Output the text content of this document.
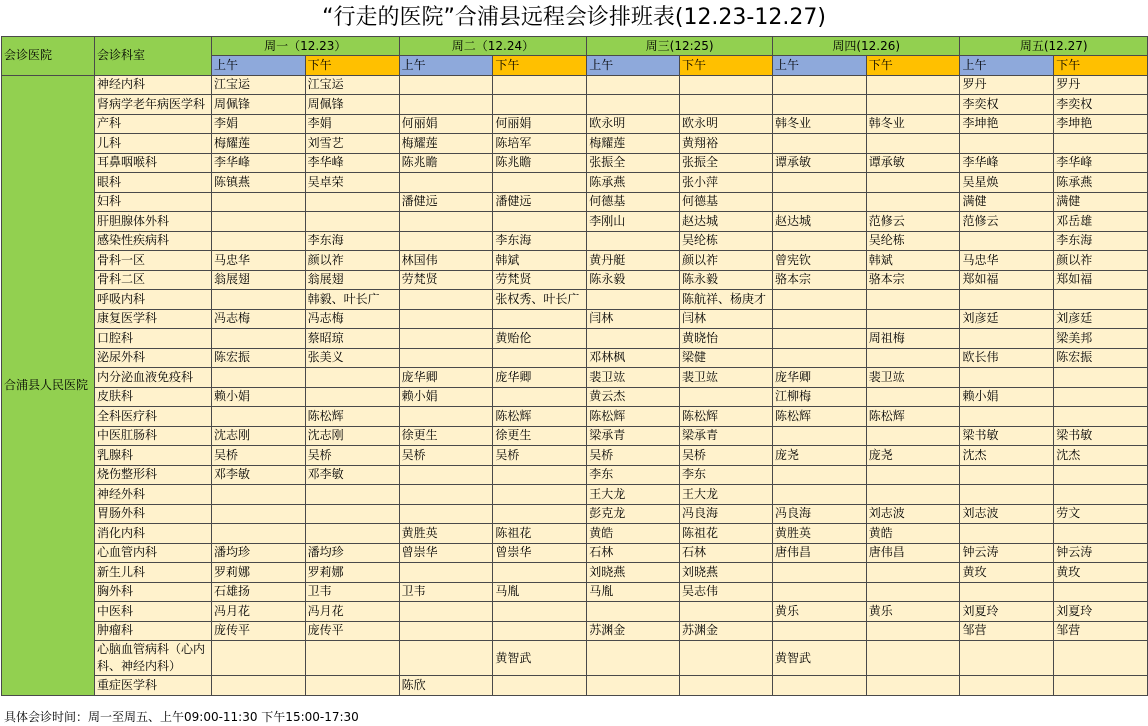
“行走的医院”合浦县远程会诊排班表(12.23-12.27)
会诊医院	会诊科室	周一（12.23）		周二（12.24）		周三(12:25)		周四(12.26)		周五(12.27)	
		上午	下午	上午	下午	上午	下午	上午	下午	上午	下午
合浦县人民医院	神经内科	江宝运	江宝运							罗丹	罗丹
	肾病学老年病医学科	周佩锋	周佩锋							李奕权	李奕权
	产科	李娟	李娟	何丽娟	何丽娟	欧永明	欧永明	韩冬业	韩冬业	李坤艳	李坤艳
	儿科	梅耀莲	刘雪艺	梅耀莲	陈培军	梅耀莲	黄翔裕				
	耳鼻咽喉科	李华峰	李华峰	陈兆瞻	陈兆瞻	张振全	张振全	谭承敏	谭承敏	李华峰	李华峰
	眼科	陈镇燕	吴卓荣			陈承燕	张小萍			吴星焕	陈承燕
	妇科			潘健远	潘健远	何德基	何德基			满健	满健
	肝胆腺体外科					李刚山	赵达城	赵达城	范修云	范修云	邓岳雄
	感染性疾病科		李东海		李东海		吴纶栋		吴纶栋		李东海
	骨科一区	马忠华	颜以祚	林国伟	韩斌	黄丹艇	颜以祚	曾宪钦	韩斌	马忠华	颜以祚
	骨科二区	翁展翅	翁展翅	劳梵贤	劳梵贤	陈永毅	陈永毅	骆本宗	骆本宗	郑如福	郑如福
	呼吸内科		韩毅、叶长广		张权秀、叶长广		陈航祥、杨庚才				
	康复医学科	冯志梅	冯志梅			闫林	闫林			刘彦廷	刘彦廷
	口腔科		蔡昭琼		黄贻伦		黄晓怡		周祖梅		梁美邦
	泌尿外科	陈宏振	张美义			邓林枫	梁健			欧长伟	陈宏振
	内分泌血液免疫科			庞华卿	庞华卿	裴卫竑	裴卫竑	庞华卿	裴卫竑		
	皮肤科	赖小娟		赖小娟		黄云杰		江柳梅		赖小娟	
	全科医疗科		陈松辉		陈松辉	陈松辉	陈松辉	陈松辉	陈松辉		
	中医肛肠科	沈志刚	沈志刚	徐更生	徐更生	梁承青	梁承青			梁书敏	梁书敏
	乳腺科	吴桥	吴桥	吴桥	吴桥	吴桥	吴桥	庞尧	庞尧	沈杰	沈杰
	烧伤整形科	邓李敏	邓李敏			李东	李东				
	神经外科					王大龙	王大龙				
	胃肠外科					彭克龙	冯良海	冯良海	刘志波	刘志波	劳文
	消化内科			黄胜英	陈祖花	黄皓	陈祖花	黄胜英	黄皓		
	心血管内科	潘均珍	潘均珍	曾崇华	曾崇华	石林	石林	唐伟昌	唐伟昌	钟云涛	钟云涛
	新生儿科	罗莉娜	罗莉娜			刘晓燕	刘晓燕			黄玫	黄玫
	胸外科	石雄扬	卫韦	卫韦	马胤	马胤	吴志伟				
	中医科	冯月花	冯月花					黄乐	黄乐	刘夏玲	刘夏玲
	肿瘤科	庞传平	庞传平			苏渊金	苏渊金			邹营	邹营
	心脑血管病科（心内科、神经内科）				黄智武			黄智武			
	重症医学科			陈欣							
具体会诊时间：周一至周五、上午09:00-11:30 下午15:00-17:30
